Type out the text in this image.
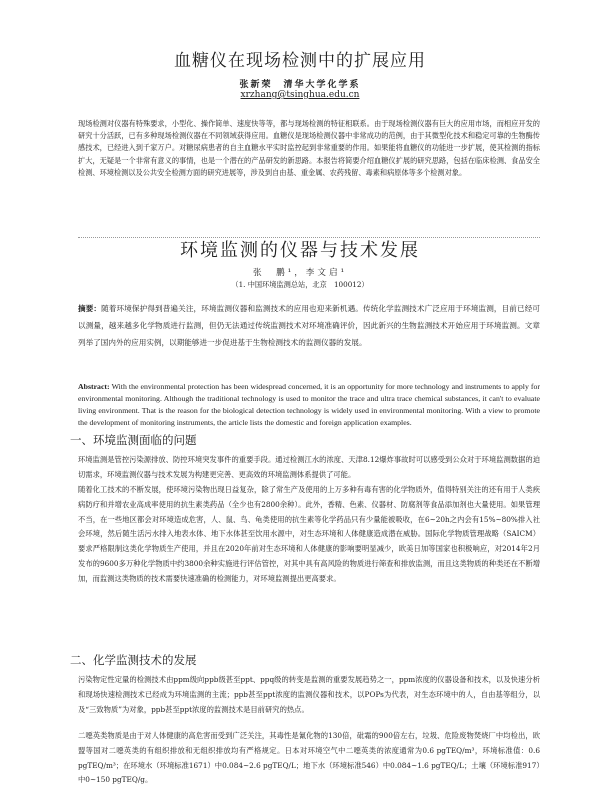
血糖仪在现场检测中的扩展应用
张新荣　清华大学化学系
xrzhang@tsinghua.edu.cn

现场检测对仪器有特殊要求，小型化、操作简单、速度快等等，都与现场检测的特征相联系。由于现场检测仪器有巨大的应用市场，而相应开发的研究十分活跃，已有多种现场检测仪器在不同领域获得应用。血糖仪是现场检测仪器中非常成功的范例，由于其微型化技术和稳定可靠的生物酶传感技术，已经进入到千家万户。对糖尿病患者的自主血糖水平实时监控起到非常重要的作用。如果能将血糖仪的功能进一步扩展，使其检测的指标扩大，无疑是一个非常有意义的事情，也是一个潜在的产品研发的新思路。本报告将简要介绍血糖仪扩展的研究思路，包括在临床检测、食品安全检测、环境检测以及公共安全检测方面的研究进展等，涉及到自由基、重金属、农药残留、毒素和病原体等多个检测对象。

环境监测的仪器与技术发展
张　鹏¹，李文启¹
（1. 中国环境监测总站，北京　100012）

摘要：随着环境保护得到普遍关注，环境监测仪器和监测技术的应用也迎来新机遇。传统化学监测技术广泛应用于环境监测，目前已经可以测量，越来越多化学物质进行监测，但仍无法通过传统监测技术对环境准确评价，因此新兴的生物监测技术开始应用于环境监测。文章列举了国内外的应用实例，以期能够进一步促进基于生物检测技术的监测仪器的发展。

Abstract: With the environmental protection has been widespread concerned, it is an opportunity for more technology and instruments to apply for environmental monitoring. Although the traditional technology is used to monitor the trace and ultra trace chemical substances, it can't to evaluate living environment. That is the reason for the biological detection technology is widely used in environmental monitoring. With a view to promote the development of monitoring instruments, the article lists the domestic and foreign application examples.

一、环境监测面临的问题

环境监测是管控污染源排放、防控环境突发事件的重要手段。通过检测江水的浓度、天津8.12爆炸事故时可以感受到公众对于环境监测数据的迫切需求，环境监测仪器与技术发展为构建更完善、更高效的环境监测体系提供了可能。

随着化工技术的不断发展，使环境污染物出现日益复杂，除了常生产及使用的上万多种有毒有害的化学物质外，值得特别关注的还有用于人类疾病防疗和并增农业高成率使用的抗生素类药品（全少也有2800余种）。此外，香精、色素、仪器材、防腐剂等食品添加剂也大量使用。如果管理不当，在一些地区都会对环境造成危害，人、鼠、鸟、龟类使用的抗生素等化学药品只有少量能被吸收，在6~20h之内会有15%~80%排入社会环境，然后随生活污水排入地表水体、地下水体甚至饮用水源中，对生态环境和人体健康造成潜在威胁。国际化学物质管理战略（SAICM）要求严格限制这类化学物质生产使用，并且在2020年前对生态环境和人体健康的影响要明显减少，欧美日加等国家也积极响应，对2014年2月发布的9600多万种化学物质中约3800余种实施进行评估管控，对其中具有高风险的物质进行筛查和排放监测，而且这类物质的种类还在不断增加，而监测这类物质的技术需要快速准确的检测能力，对环境监测提出更高要求。

二、化学监测技术的发展

污染物定性定量的检测技术由ppm级向ppb级甚至ppt、ppq级的转变是监测的重要发展趋势之一，ppm浓度的仪器设备和技术，以及快速分析和现场快速检测技术已经成为环境监测的主流；ppb甚至ppt浓度的监测仪器和技术，以POPs为代表，对生态环境中的人，自由基等组分，以及“三致物质”为对象，ppb甚至ppt浓度的监测技术是目前研究的热点。

二噁英类物质是由于对人体健康的高危害而受到广泛关注，其毒性是氰化物的130倍，砒霜的900倍左右，垃圾、危险废物焚烧厂中均检出，欧盟等国对二噁英类的有组织排放和无组织排放均有严格规定。日本对环境空气中二噁英类的浓度通常为0.6 pgTEQ/m³，环境标准值：0.6 pgTEQ/m³；在环境水（环境标准1671）中0.084~2.6 pgTEQ/L；地下水（环境标准546）中0.084~1.6 pgTEQ/L；土壤（环境标准917）中0~150 pgTEQ/g。
